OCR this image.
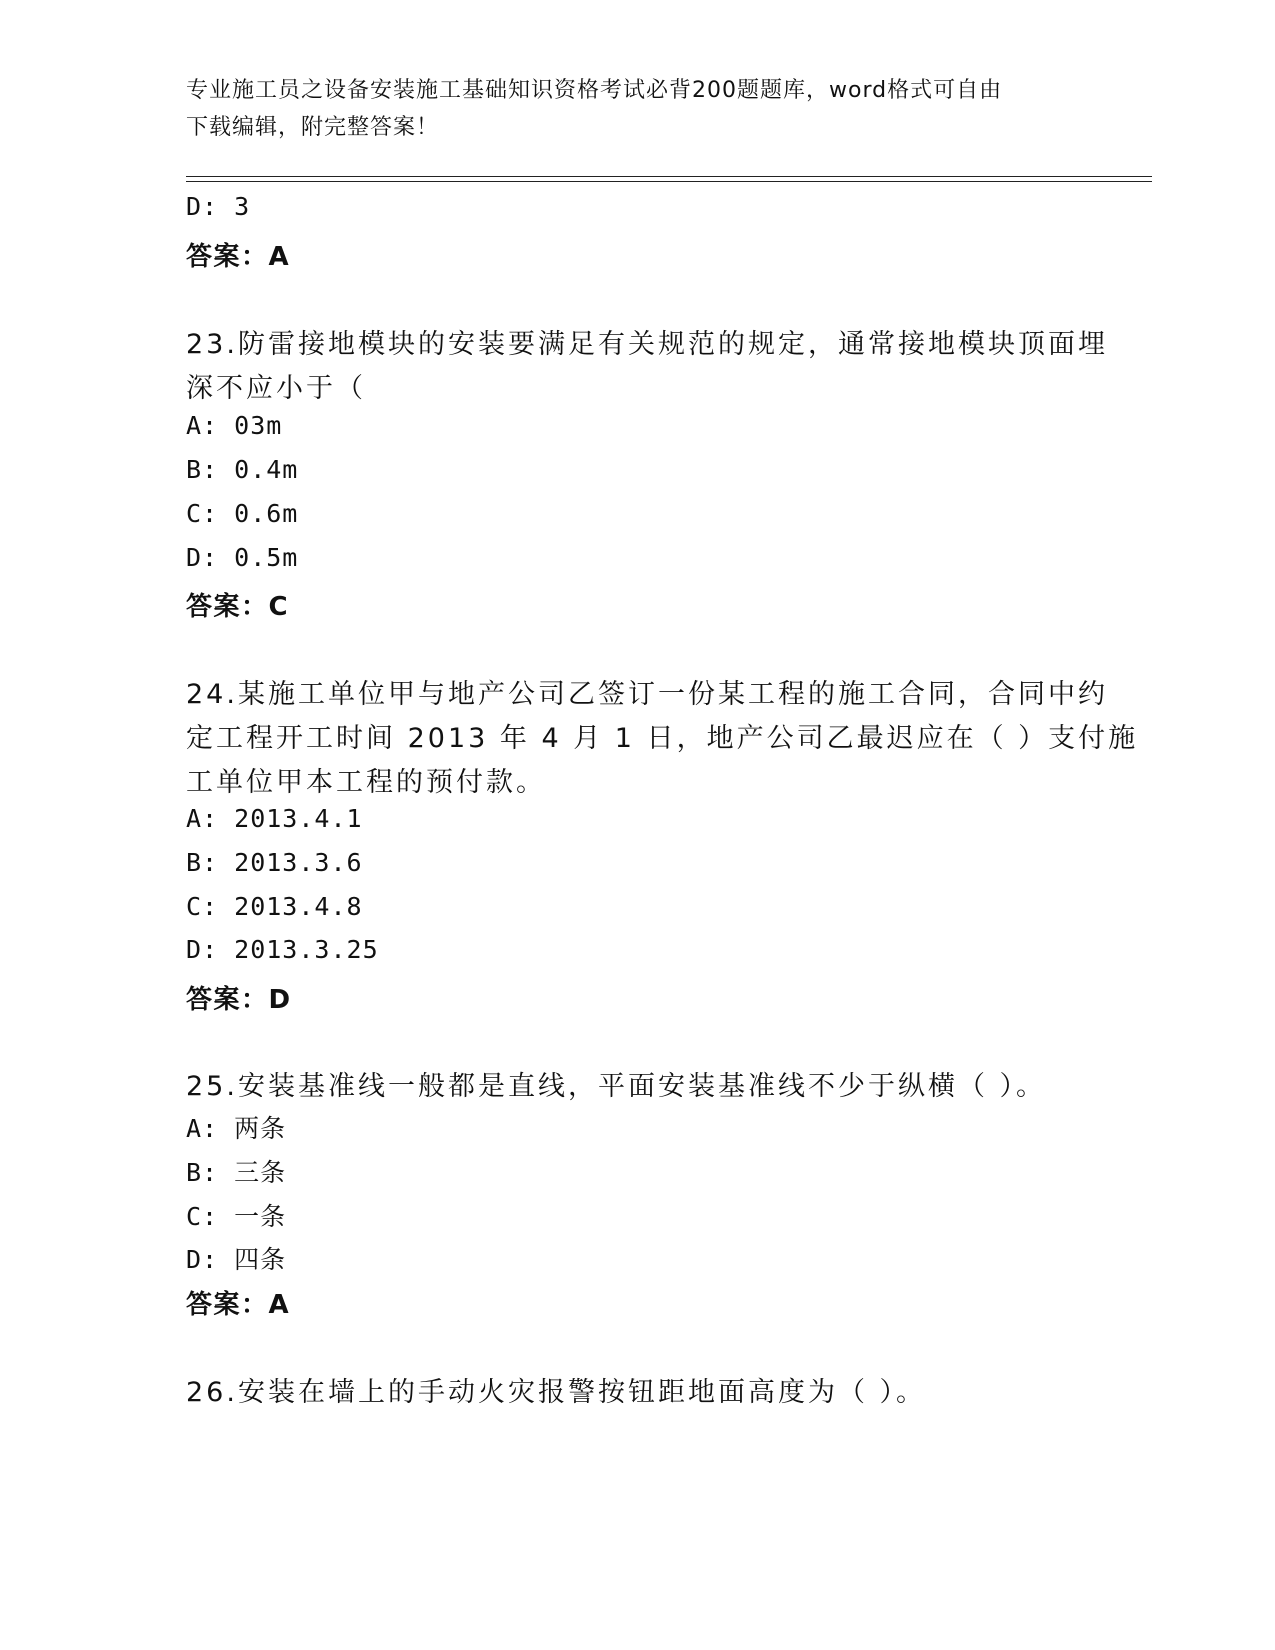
专业施工员之设备安装施工基础知识资格考试必背200题题库，word格式可自由
下载编辑，附完整答案！
D: 3
答案：A
23.防雷接地模块的安装要满足有关规范的规定，通常接地模块顶面埋
深不应小于（
A: 03m
B: 0.4m
C: 0.6m
D: 0.5m
答案：C
24.某施工单位甲与地产公司乙签订一份某工程的施工合同，合同中约
定工程开工时间 2013 年 4 月 1 日，地产公司乙最迟应在（ ）支付施
工单位甲本工程的预付款。
A: 2013.4.1
B: 2013.3.6
C: 2013.4.8
D: 2013.3.25
答案：D
25.安装基准线一般都是直线，平面安装基准线不少于纵横（ ）。
A: 两条
B: 三条
C: 一条
D: 四条
答案：A
26.安装在墙上的手动火灾报警按钮距地面高度为（ ）。
